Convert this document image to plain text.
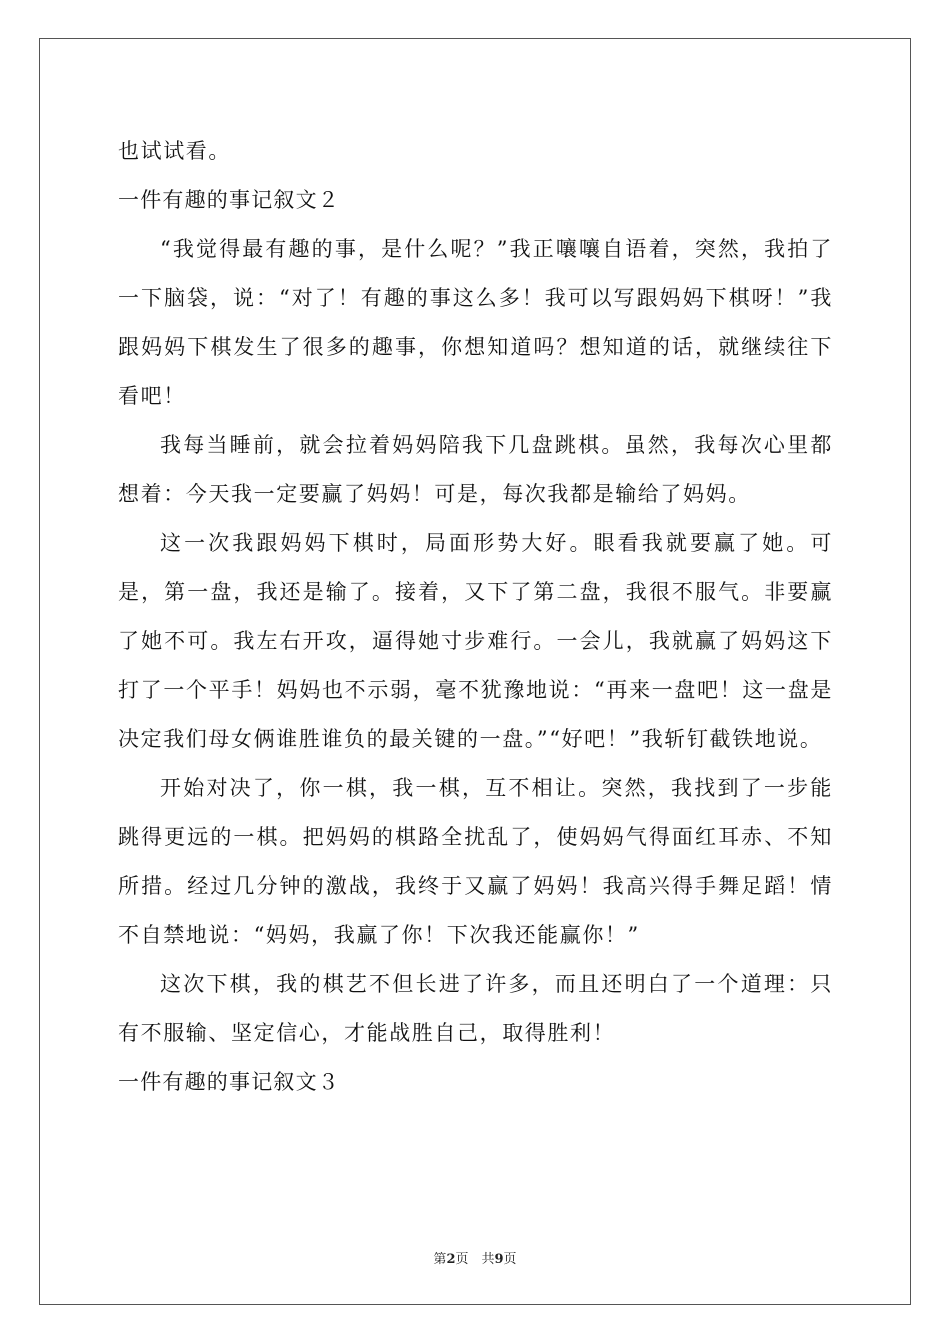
也试试看。
一件有趣的事记叙文２

“我觉得最有趣的事，是什么呢？”我正嚷嚷自语着，突然，我拍了一下脑袋，说：“对了！有趣的事这么多！我可以写跟妈妈下棋呀！”我跟妈妈下棋发生了很多的趣事，你想知道吗？想知道的话，就继续往下看吧！

我每当睡前，就会拉着妈妈陪我下几盘跳棋。虽然，我每次心里都想着：今天我一定要赢了妈妈！可是，每次我都是输给了妈妈。

这一次我跟妈妈下棋时，局面形势大好。眼看我就要赢了她。可是，第一盘，我还是输了。接着，又下了第二盘，我很不服气。非要赢了她不可。我左右开攻，逼得她寸步难行。一会儿，我就赢了妈妈这下打了一个平手！妈妈也不示弱，毫不犹豫地说：“再来一盘吧！这一盘是决定我们母女俩谁胜谁负的最关键的一盘。”“好吧！”我斩钉截铁地说。

开始对决了，你一棋，我一棋，互不相让。突然，我找到了一步能跳得更远的一棋。把妈妈的棋路全扰乱了，使妈妈气得面红耳赤、不知所措。经过几分钟的激战，我终于又赢了妈妈！我高兴得手舞足蹈！情不自禁地说：“妈妈，我赢了你！下次我还能赢你！”

这次下棋，我的棋艺不但长进了许多，而且还明白了一个道理：只有不服输、坚定信心，才能战胜自己，取得胜利！

一件有趣的事记叙文３
第2页　共9页
